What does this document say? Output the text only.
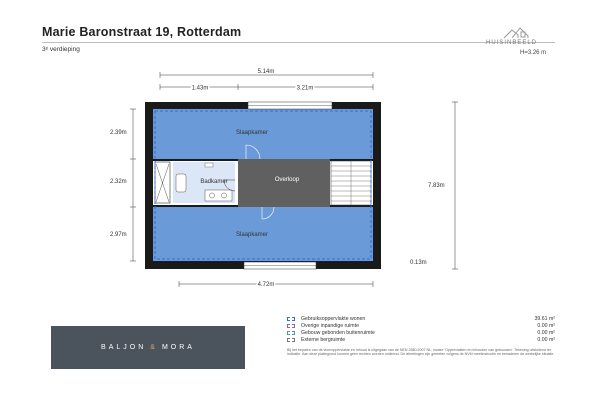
Marie Baronstraat 19, Rotterdam
3ᵉ verdieping
HUISINBEELD
H=3.26 m
Slaapkamer
Badkamer	Overloop
Slaapkamer
5.14m
1.43m	3.21m
2.39m
2.32m
2.97m
7.83m
0.13m
4.72m
BALJON & MORA
Gebruiksoppervlakte wonen	39.61 m²
Overige inpandige ruimte	0.00 m²
Gebouw gebonden buitenruimte	0.00 m²
Externe bergruimte	0.00 m²
Bij het bepalen van de vloeroppervlakte en inhoud is uitgegaan van de NEN 2580:2007 NL, inzake 'Oppervlakten en inhouden van gebouwen'. Tekening uitsluitend ter indicatie. Aan deze plattegrond kunnen geen rechten worden ontleend. De afmetingen zijn gemeten volgens de NVM meetinstructie en benaderen de werkelijke situatie.
